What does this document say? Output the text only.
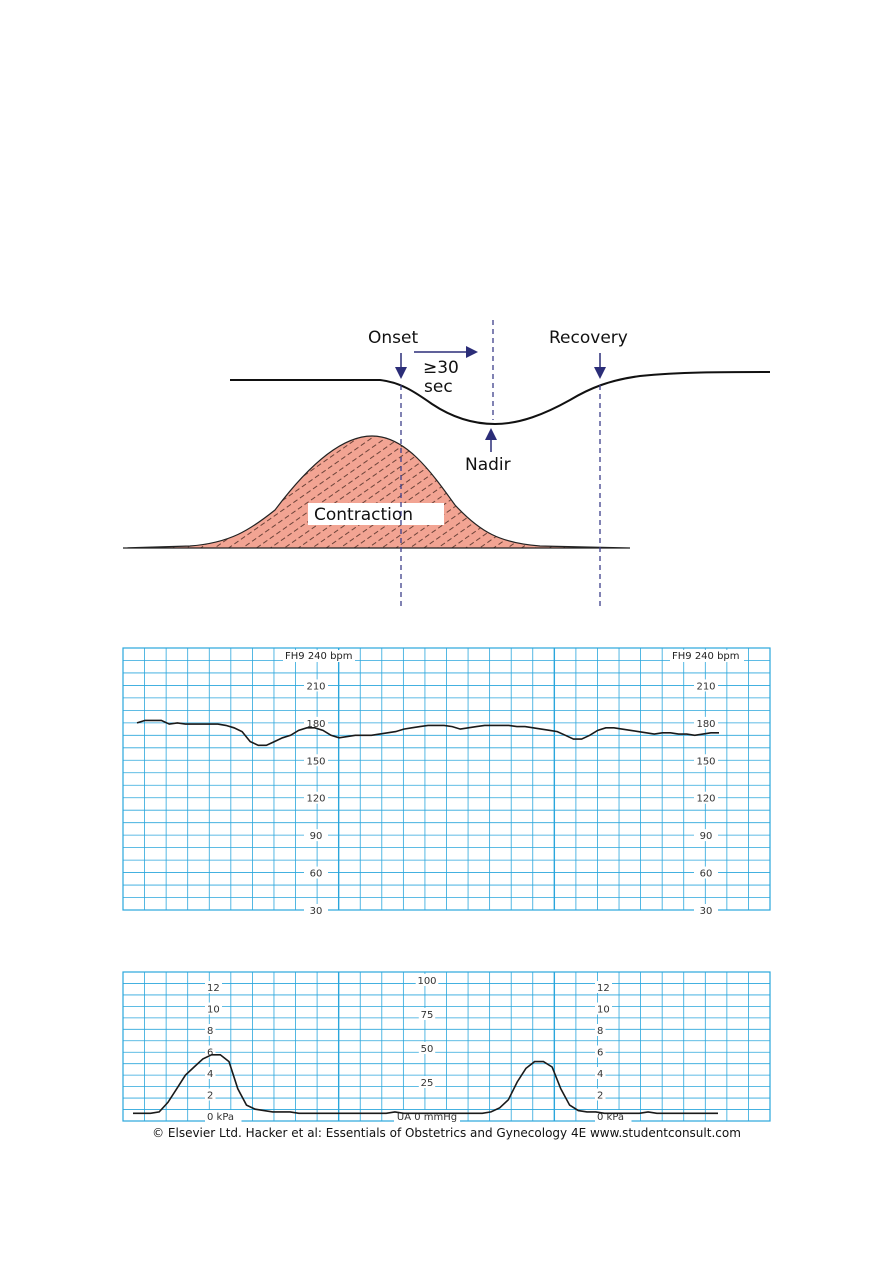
Contraction
Onset	Recovery
≥30
sec
Nadir
FH9 240 bpm	FH9 240 bpm
210
180
150
120
90
60
30
210
180
150
120
90
60
30
12
10
8
6
4
2
0 kPa
100
75
50
25
UA 0 mmHg
12
10
8
6
4
2
0 kPa
© Elsevier Ltd. Hacker et al: Essentials of Obstetrics and Gynecology 4E www.studentconsult.com
